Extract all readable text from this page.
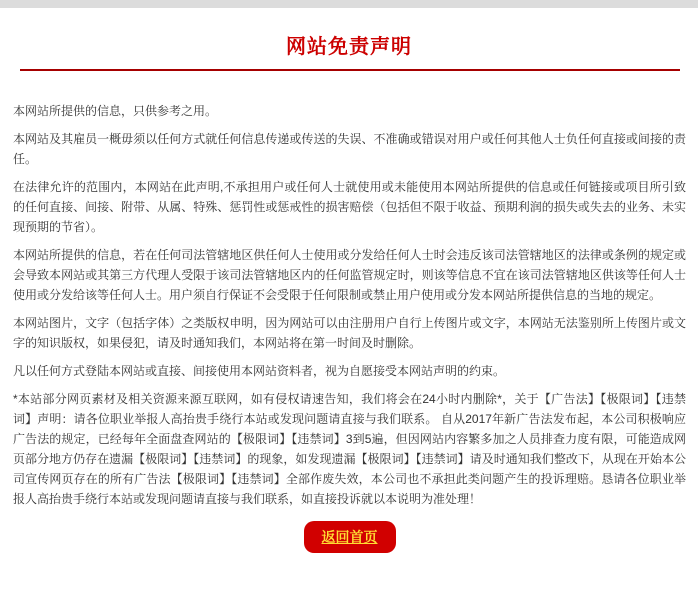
网站免责声明

本网站所提供的信息，只供参考之用。

本网站及其雇员一概毋须以任何方式就任何信息传递或传送的失误、不准确或错误对用户或任何其他人士负任何直接或间接的责任。

在法律允许的范围内，本网站在此声明,不承担用户或任何人士就使用或未能使用本网站所提供的信息或任何链接或项目所引致的任何直接、间接、附带、从属、特殊、惩罚性或惩戒性的损害赔偿（包括但不限于收益、预期利润的损失或失去的业务、未实现预期的节省）。

本网站所提供的信息，若在任何司法管辖地区供任何人士使用或分发给任何人士时会违反该司法管辖地区的法律或条例的规定或会导致本网站或其第三方代理人受限于该司法管辖地区内的任何监管规定时，则该等信息不宜在该司法管辖地区供该等任何人士使用或分发给该等任何人士。用户须自行保证不会受限于任何限制或禁止用户使用或分发本网站所提供信息的当地的规定。

本网站图片，文字（包括字体）之类版权申明，因为网站可以由注册用户自行上传图片或文字，本网站无法鉴别所上传图片或文字的知识版权，如果侵犯，请及时通知我们，本网站将在第一时间及时删除。

凡以任何方式登陆本网站或直接、间接使用本网站资料者，视为自愿接受本网站声明的约束。

*本站部分网页素材及相关资源来源互联网，如有侵权请速告知，我们将会在24小时内删除*，关于【广告法】【极限词】【违禁词】声明：请各位职业举报人高抬贵手绕行本站或发现问题请直接与我们联系。 自从2017年新广告法发布起，本公司积极响应广告法的规定，已经每年全面盘查网站的【极限词】【违禁词】3到5遍，但因网站内容繁多加之人员排查力度有限，可能造成网页部分地方仍存在遗漏【极限词】【违禁词】的现象，如发现遗漏【极限词】【违禁词】请及时通知我们整改下，从现在开始本公司宣传网页存在的所有广告法【极限词】【违禁词】全部作废失效，本公司也不承担此类问题产生的投诉理赔。恳请各位职业举报人高抬贵手绕行本站或发现问题请直接与我们联系，如直接投诉就以本说明为准处理！

返回首页
